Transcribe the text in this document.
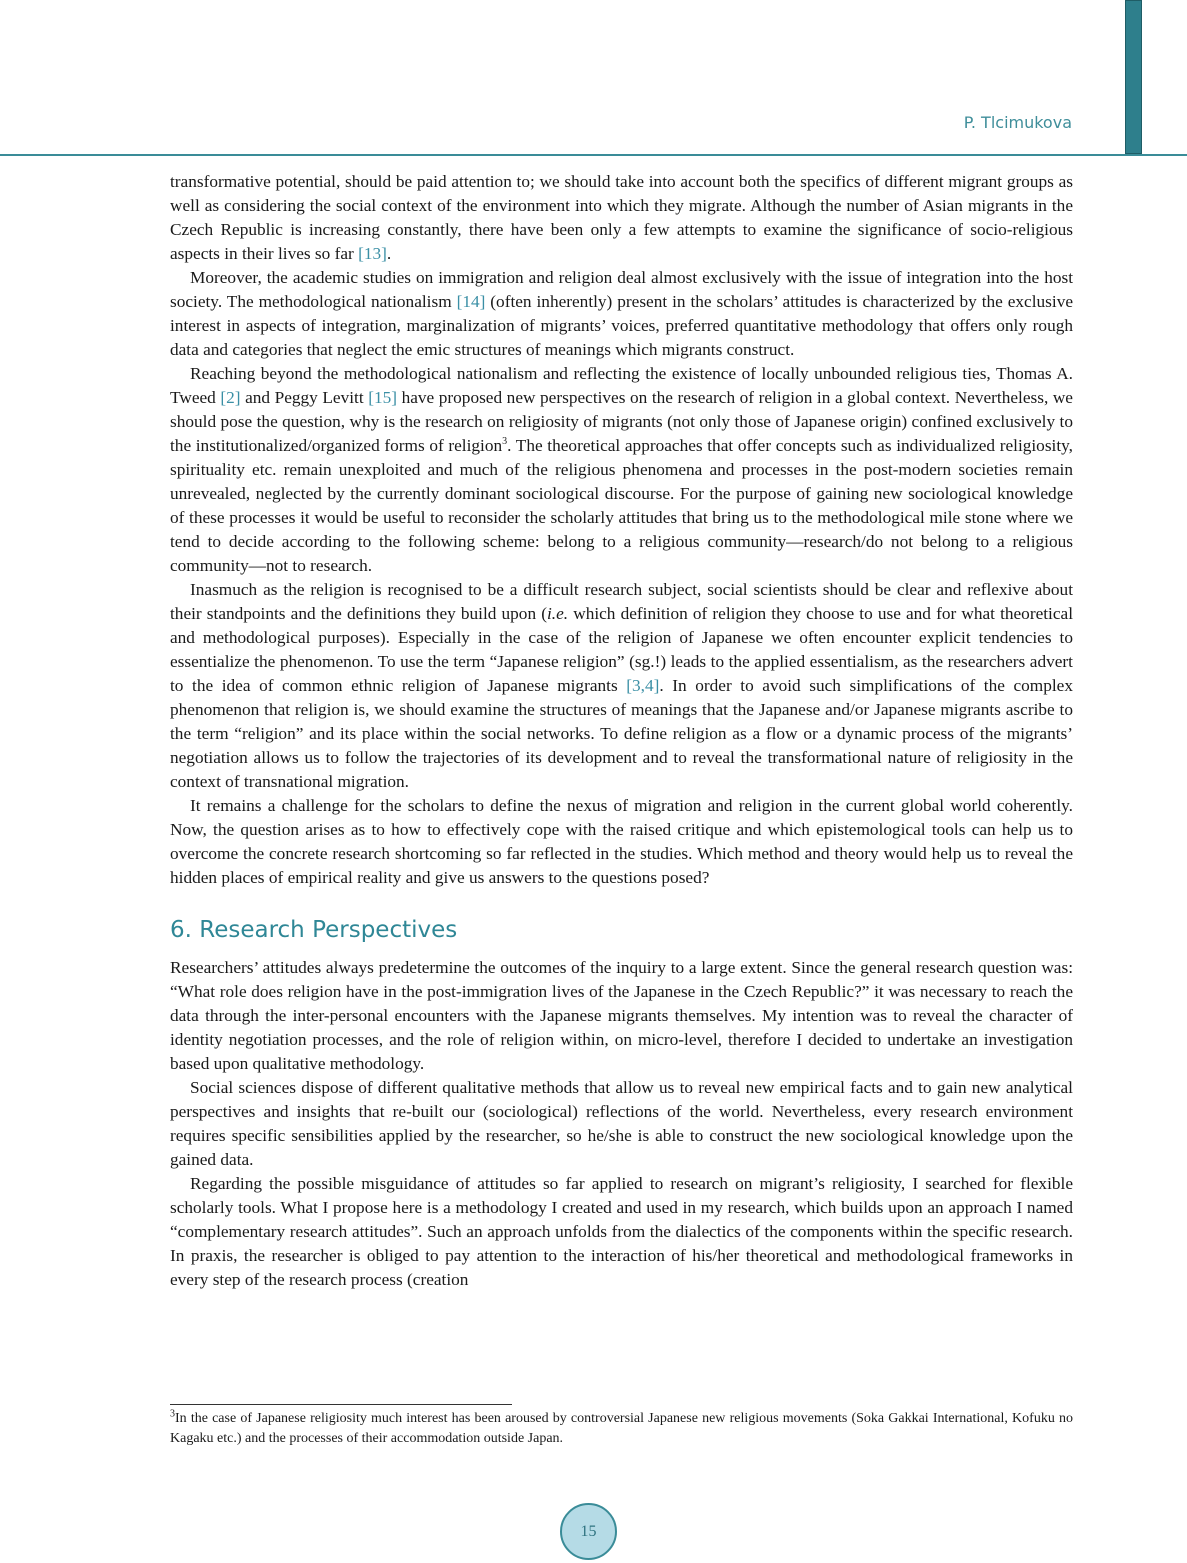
P. Tlcimukova

transformative potential, should be paid attention to; we should take into account both the specifics of different migrant groups as well as considering the social context of the environment into which they migrate. Although the number of Asian migrants in the Czech Republic is increasing constantly, there have been only a few attempts to examine the significance of socio-religious aspects in their lives so far [13].

Moreover, the academic studies on immigration and religion deal almost exclusively with the issue of integration into the host society. The methodological nationalism [14] (often inherently) present in the scholars’ attitudes is characterized by the exclusive interest in aspects of integration, marginalization of migrants’ voices, preferred quantitative methodology that offers only rough data and categories that neglect the emic structures of meanings which migrants construct.

Reaching beyond the methodological nationalism and reflecting the existence of locally unbounded religious ties, Thomas A. Tweed [2] and Peggy Levitt [15] have proposed new perspectives on the research of religion in a global context. Nevertheless, we should pose the question, why is the research on religiosity of migrants (not only those of Japanese origin) confined exclusively to the institutionalized/organized forms of religion$^3$. The theoretical approaches that offer concepts such as individualized religiosity, spirituality etc. remain unexploited and much of the religious phenomena and processes in the post-modern societies remain unrevealed, neglected by the currently dominant sociological discourse. For the purpose of gaining new sociological knowledge of these processes it would be useful to reconsider the scholarly attitudes that bring us to the methodological mile stone where we tend to decide according to the following scheme: belong to a religious community—research/​do not belong to a religious community—not to research.

Inasmuch as the religion is recognised to be a difficult research subject, social scientists should be clear and reflexive about their standpoints and the definitions they build upon (i.e. which definition of religion they choose to use and for what theoretical and methodological purposes). Especially in the case of the religion of Japanese we often encounter explicit tendencies to essentialize the phenomenon. To use the term “Japanese religion” (sg.!) leads to the applied essentialism, as the researchers advert to the idea of common ethnic religion of Japanese migrants [3,4]. In order to avoid such simplifications of the complex phenomenon that religion is, we should examine the structures of meanings that the Japanese and/or Japanese migrants ascribe to the term “religion” and its place within the social networks. To define religion as a flow or a dynamic process of the migrants’ negotiation allows us to follow the trajectories of its development and to reveal the transformational nature of religiosity in the context of transnational migration.

It remains a challenge for the scholars to define the nexus of migration and religion in the current global world coherently. Now, the question arises as to how to effectively cope with the raised critique and which epistemological tools can help us to overcome the concrete research shortcoming so far reflected in the studies. Which method and theory would help us to reveal the hidden places of empirical reality and give us answers to the questions posed?

6. Research Perspectives

Researchers’ attitudes always predetermine the outcomes of the inquiry to a large extent. Since the general research question was: “What role does religion have in the post-immigration lives of the Japanese in the Czech Republic?” it was necessary to reach the data through the inter-personal encounters with the Japanese migrants themselves. My intention was to reveal the character of identity negotiation processes, and the role of religion within, on micro-level, therefore I decided to undertake an investigation based upon qualitative methodology.

Social sciences dispose of different qualitative methods that allow us to reveal new empirical facts and to gain new analytical perspectives and insights that re-built our (sociological) reflections of the world. Nevertheless, every research environment requires specific sensibilities applied by the researcher, so he/she is able to construct the new sociological knowledge upon the gained data.

Regarding the possible misguidance of attitudes so far applied to research on migrant’s religiosity, I searched for flexible scholarly tools. What I propose here is a methodology I created and used in my research, which builds upon an approach I named “complementary research attitudes”. Such an approach unfolds from the dialectics of the components within the specific research. In praxis, the researcher is obliged to pay attention to the interaction of his/her theoretical and methodological frameworks in every step of the research process (creation

$^3$In the case of Japanese religiosity much interest has been aroused by controversial Japanese new religious movements (Soka Gakkai International, Kofuku no Kagaku etc.) and the processes of their accommodation outside Japan.
15
